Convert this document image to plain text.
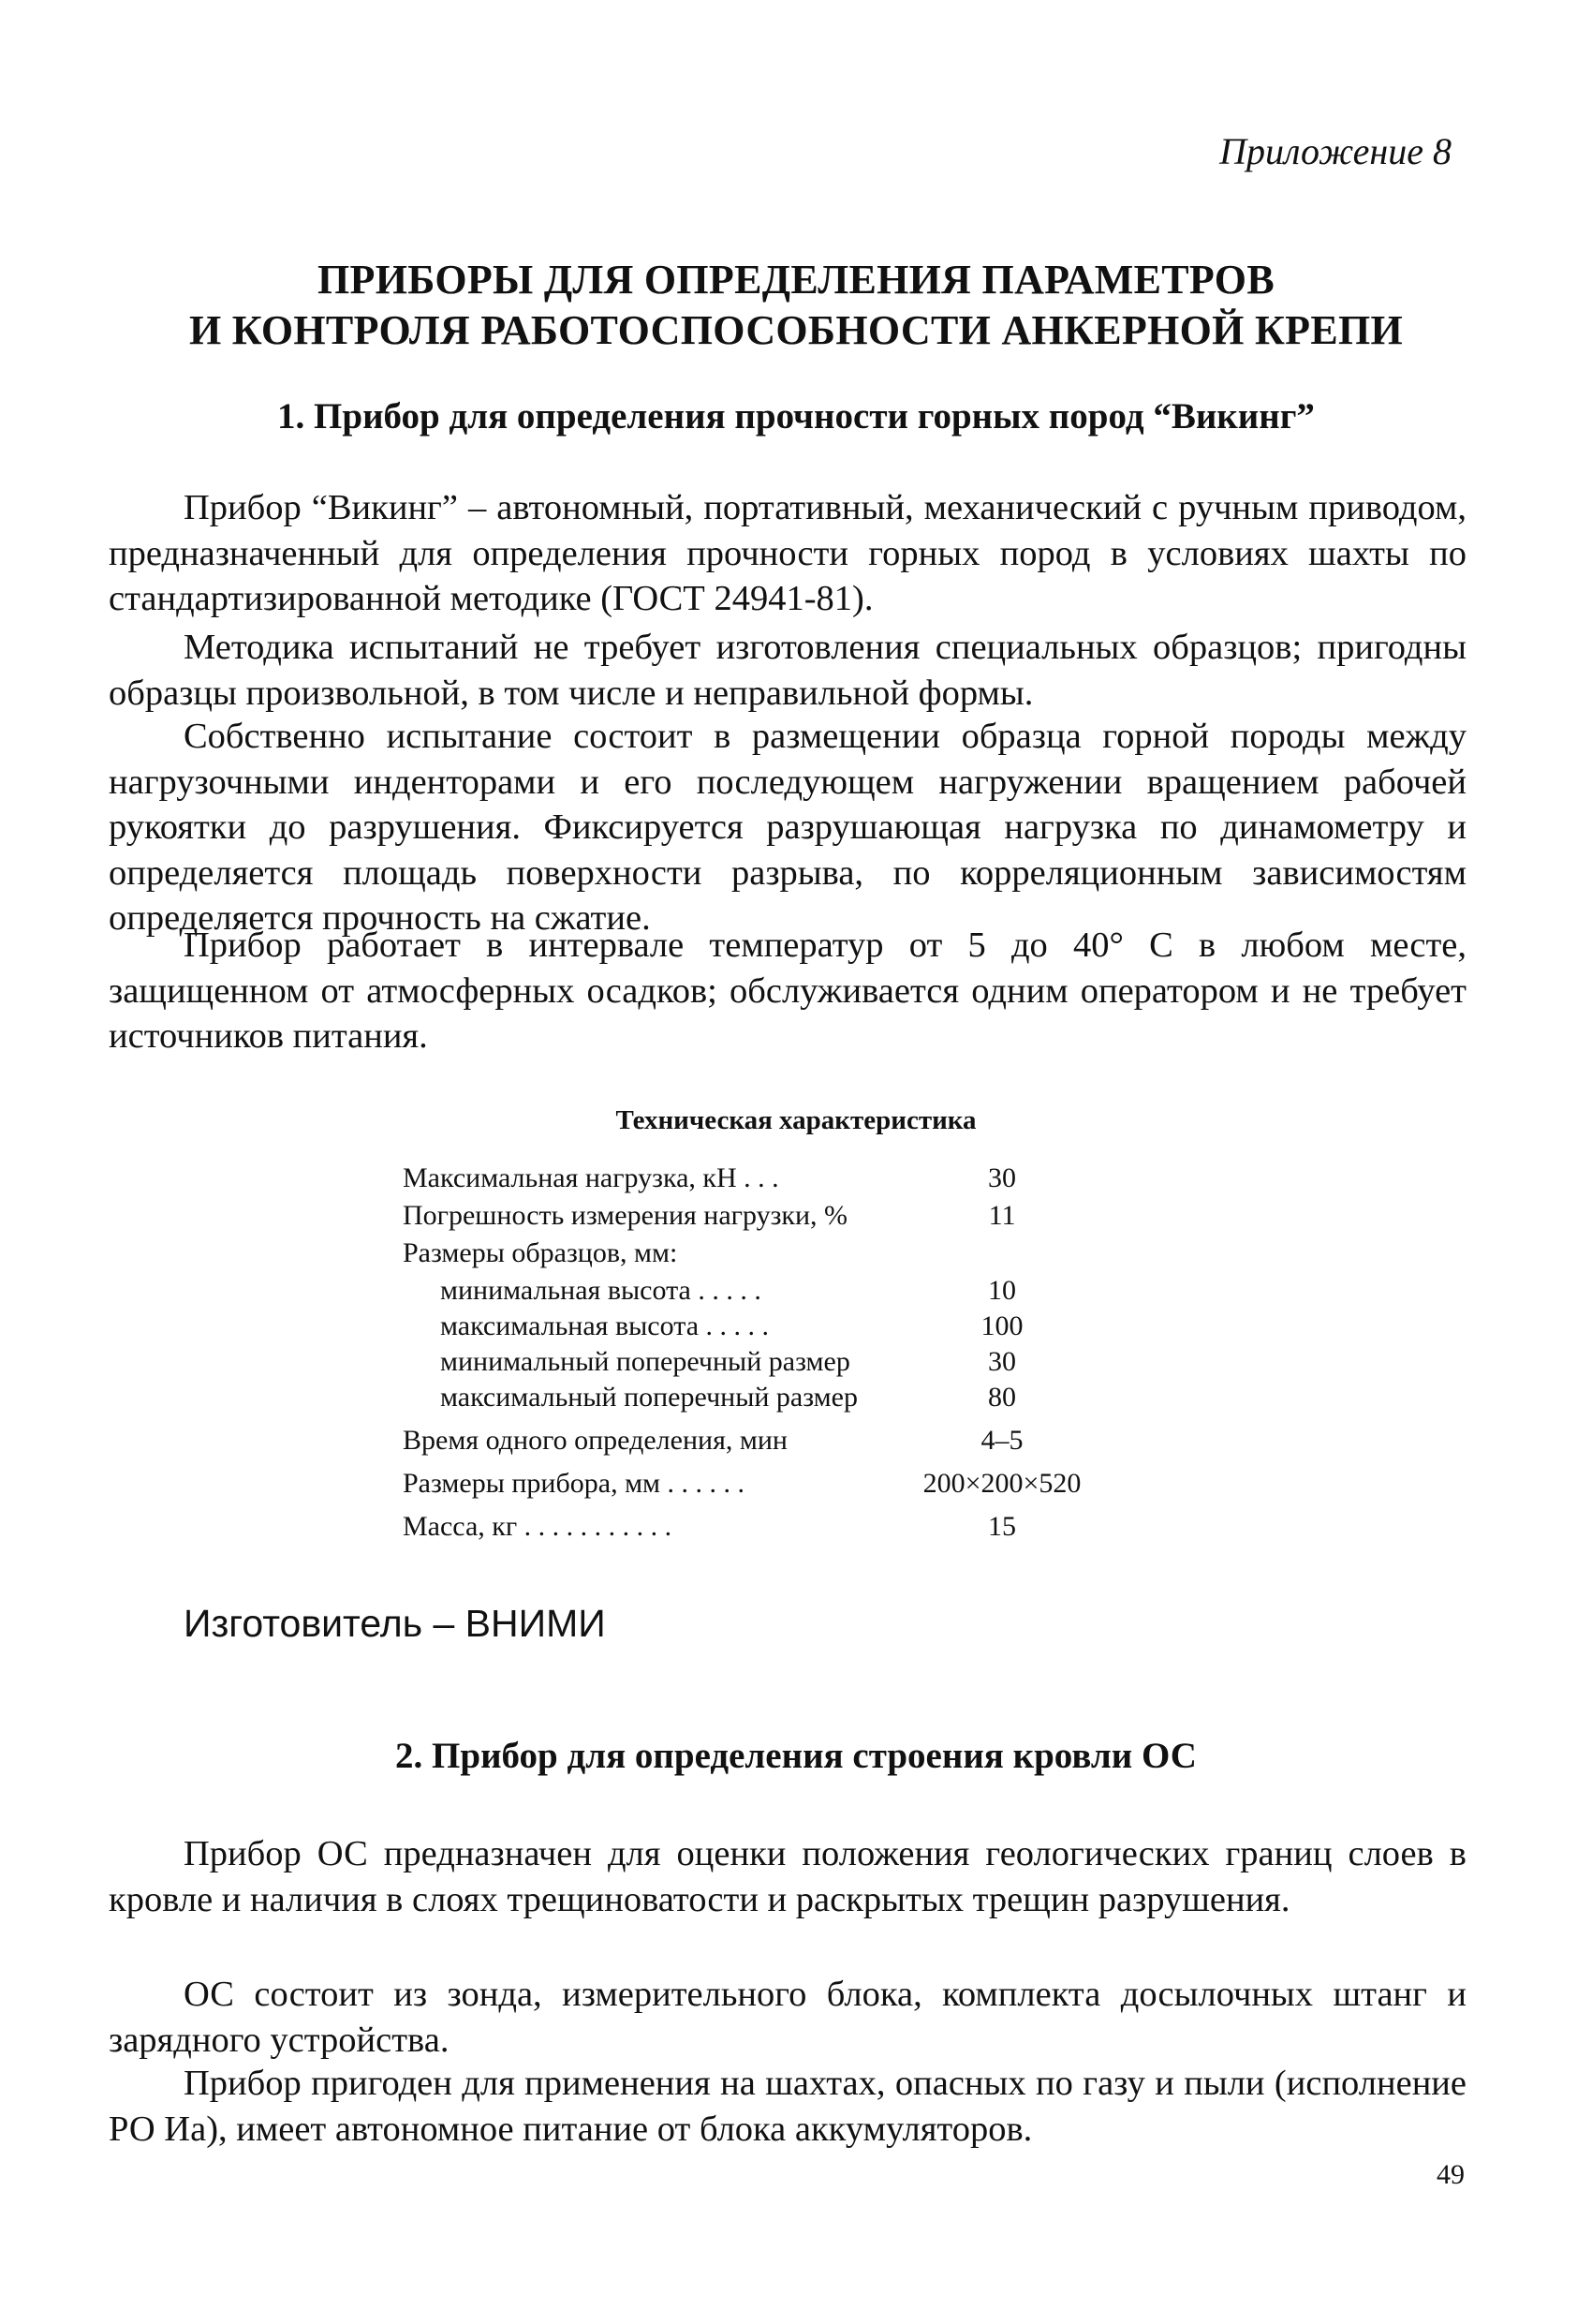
Приложение 8
ПРИБОРЫ ДЛЯ ОПРЕДЕЛЕНИЯ ПАРАМЕТРОВ
И КОНТРОЛЯ РАБОТОСПОСОБНОСТИ АНКЕРНОЙ КРЕПИ
1. Прибор для определения прочности горных пород “Викинг”

Прибор “Викинг” – автономный, портативный, механический с ручным приводом, предназначенный для определения прочности горных пород в условиях шахты по стандартизированной методике (ГОСТ 24941-81).

Методика испытаний не требует изготовления специальных образцов; пригодны образцы произвольной, в том числе и неправильной формы.

Собственно испытание состоит в размещении образца горной породы между нагрузочными инденторами и его последующем нагружении вращением рабочей рукоятки до разрушения. Фиксируется разрушающая нагрузка по динамометру и определяется площадь поверхности разрыва, по корреляционным зависимостям определяется прочность на сжатие.

Прибор работает в интервале температур от 5 до 40° С в любом месте, защищенном от атмосферных осадков; обслуживается одним оператором и не требует источников питания.

Техническая характеристика
Максимальная нагрузка, кН . . .	30
Погрешность измерения нагрузки, %	11
Размеры образцов, мм:
минимальная высота . . . . .	10
максимальная высота . . . . .	100
минимальный поперечный размер	30
максимальный поперечный размер	80
Время одного определения, мин	4–5
Размеры прибора, мм . . . . . .	200×200×520
Масса, кг . . . . . . . . . . .	15
Изготовитель – ВНИМИ
2. Прибор для определения строения кровли ОС

Прибор ОС предназначен для оценки положения геологических границ слоев в кровле и наличия в слоях трещиноватости и раскрытых трещин разрушения.

ОС состоит из зонда, измерительного блока, комплекта досылочных штанг и зарядного устройства.

Прибор пригоден для применения на шахтах, опасных по газу и пыли (исполнение РО Иа), имеет автономное питание от блока аккумуляторов.

49
